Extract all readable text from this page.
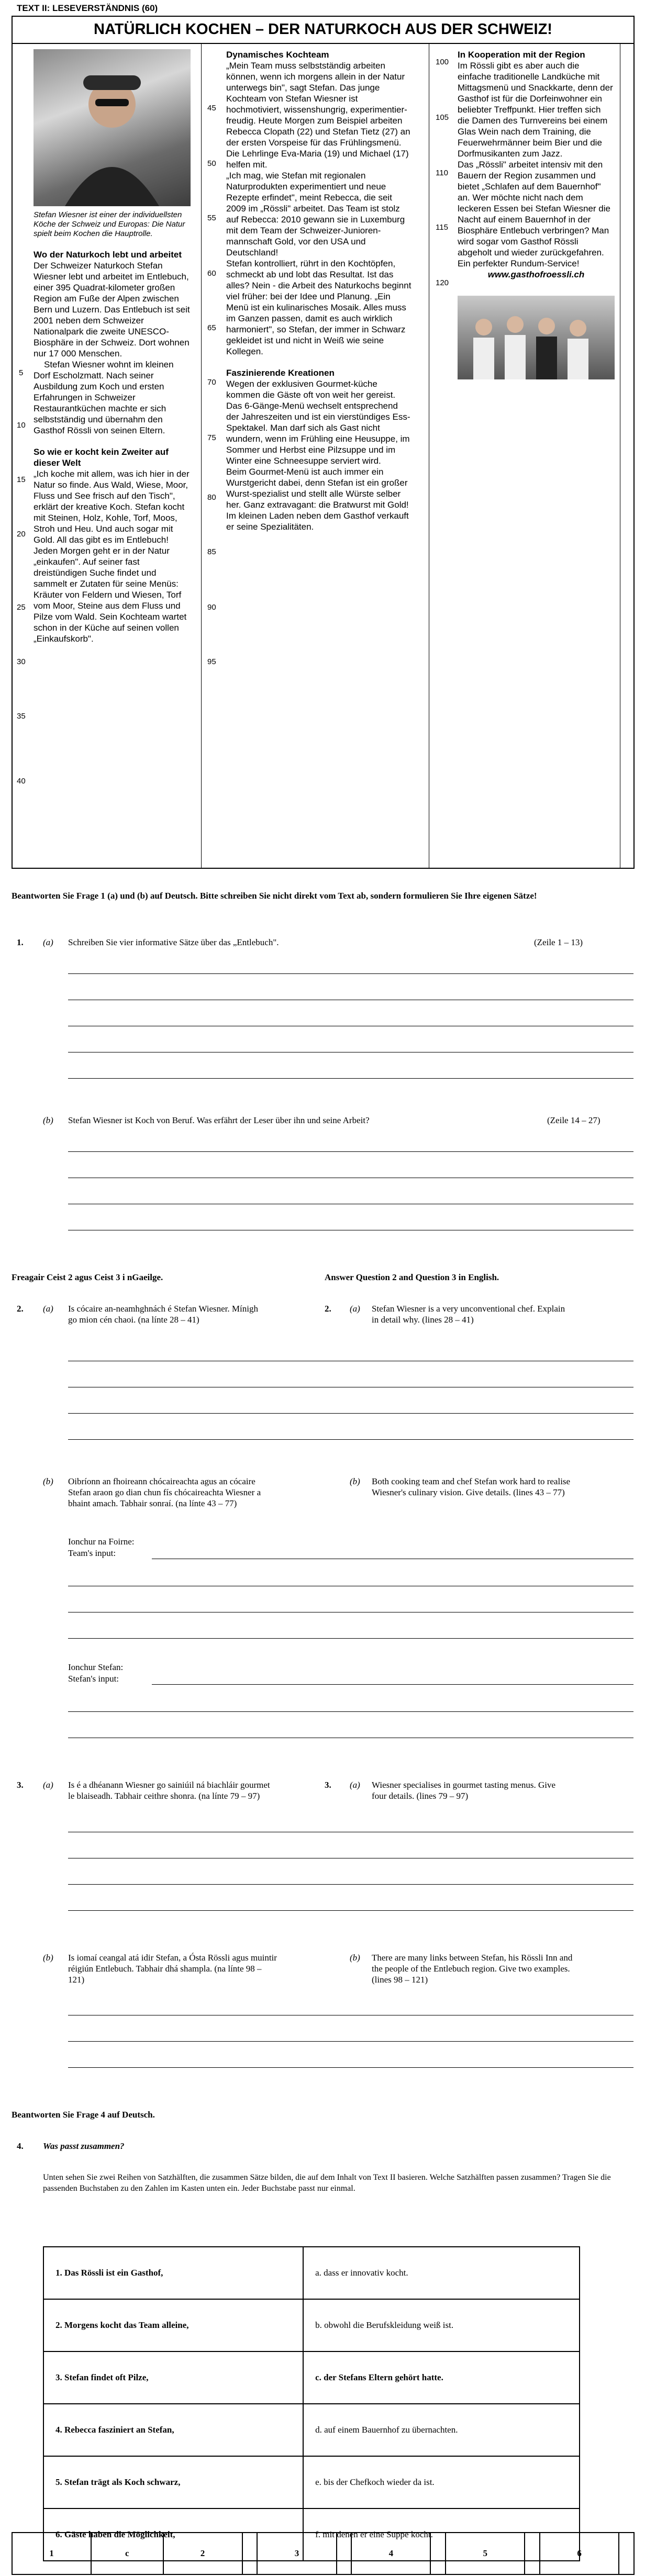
TEXT II: LESEVERSTÄNDNIS (60)
NATÜRLICH KOCHEN – DER NATURKOCH AUS DER SCHWEIZ!

Stefan Wiesner ist einer der individuellsten Köche der Schweiz und Europas: Die Natur spielt beim Kochen die Hauptrolle.

Wo der Naturkoch lebt und arbeitet

Der Schweizer Naturkoch Stefan Wiesner lebt und arbeitet im Entlebuch, einer 395 Quadrat-kilometer großen Region am Fuße der Alpen zwischen Bern und Luzern. Das Entlebuch ist seit 2001 neben dem Schweizer Nationalpark die zweite UNESCO-Biosphäre in der Schweiz. Dort wohnen nur 17 000 Menschen.

Stefan Wiesner wohnt im kleinen Dorf Escholzmatt. Nach seiner Ausbildung zum Koch und ersten Erfahrungen in Schweizer Restaurantküchen machte er sich selbstständig und übernahm den Gasthof Rössli von seinen Eltern.

So wie er kocht kein Zweiter auf dieser Welt

„Ich koche mit allem, was ich hier in der Natur so finde. Aus Wald, Wiese, Moor, Fluss und See frisch auf den Tisch", erklärt der kreative Koch. Stefan kocht mit Steinen, Holz, Kohle, Torf, Moos, Stroh und Heu. Und auch sogar mit Gold. All das gibt es im Entlebuch! Jeden Morgen geht er in der Natur „einkaufen". Auf seiner fast dreistündigen Suche findet und sammelt er Zutaten für seine Menüs: Kräuter von Feldern und Wiesen, Torf vom Moor, Steine aus dem Fluss und Pilze vom Wald. Sein Kochteam wartet schon in der Küche auf seinen vollen „Einkaufskorb".

Dynamisches Kochteam

„Mein Team muss selbstständig arbeiten können, wenn ich morgens allein in der Natur unterwegs bin", sagt Stefan. Das junge Kochteam von Stefan Wiesner ist hochmotiviert, wissenshungrig, experimentier-freudig. Heute Morgen zum Beispiel arbeiten Rebecca Clopath (22) und Stefan Tietz (27) an der ersten Vorspeise für das Frühlingsmenü. Die Lehrlinge Eva-Maria (19) und Michael (17) helfen mit.

„Ich mag, wie Stefan mit regionalen Naturprodukten experimentiert und neue Rezepte erfindet", meint Rebecca, die seit 2009 im „Rössli" arbeitet. Das Team ist stolz auf Rebecca: 2010 gewann sie in Luxemburg mit dem Team der Schweizer-Junioren-mannschaft Gold, vor den USA und Deutschland!

Stefan kontrolliert, rührt in den Kochtöpfen, schmeckt ab und lobt das Resultat. Ist das alles? Nein - die Arbeit des Naturkochs beginnt viel früher: bei der Idee und Planung. „Ein Menü ist ein kulinarisches Mosaik. Alles muss im Ganzen passen, damit es auch wirklich harmoniert", so Stefan, der immer in Schwarz gekleidet ist und nicht in Weiß wie seine Kollegen.

Faszinierende Kreationen

Wegen der exklusiven Gourmet-küche kommen die Gäste oft von weit her gereist. Das 6-Gänge-Menü wechselt entsprechend der Jahreszeiten und ist ein vierstündiges Ess-Spektakel. Man darf sich als Gast nicht wundern, wenn im Frühling eine Heusuppe, im Sommer und Herbst eine Pilzsuppe und im Winter eine Schneesuppe serviert wird.

Beim Gourmet-Menü ist auch immer ein Wurstgericht dabei, denn Stefan ist ein großer Wurst-spezialist und stellt alle Würste selber her. Ganz extravagant: die Bratwurst mit Gold! Im kleinen Laden neben dem Gasthof verkauft er seine Spezialitäten.

In Kooperation mit der Region

Im Rössli gibt es aber auch die einfache traditionelle Landküche mit Mittagsmenü und Snackkarte, denn der Gasthof ist für die Dorfeinwohner ein beliebter Treffpunkt. Hier treffen sich die Damen des Turnvereins bei einem Glas Wein nach dem Training, die Feuerwehrmänner beim Bier und die Dorfmusikanten zum Jazz.

Das „Rössli" arbeitet intensiv mit den Bauern der Region zusammen und bietet „Schlafen auf dem Bauernhof" an. Wer möchte nicht nach dem leckeren Essen bei Stefan Wiesner die Nacht auf einem Bauernhof in der Biosphäre Entlebuch verbringen? Man wird sogar vom Gasthof Rössli abgeholt und wieder zurückgefahren. Ein perfekter Rundum-Service!

www.gasthofroessli.ch

5
10
15
20
25
30
35
40
45
50
55
60
65
70
75
80
85
90
95
100
105
110
115
120
Beantworten Sie Frage 1 (a) und (b) auf Deutsch. Bitte schreiben Sie nicht direkt vom Text ab, sondern formulieren Sie Ihre eigenen Sätze!
1. (a) Schreiben Sie vier informative Sätze über das „Entlebuch".	(Zeile 1 – 13)
(b) Stefan Wiesner ist Koch von Beruf. Was erfährt der Leser über ihn und seine Arbeit?	(Zeile 14 – 27)
Freagair Ceist 2 agus Ceist 3 i nGaeilge.	Answer Question 2 and Question 3 in English.
2. (a) Is cócaire an-neamhghnách é Stefan Wiesner. Mínigh go mion cén chaoi. (na línte 28 – 41)
2. (a) Stefan Wiesner is a very unconventional chef. Explain in detail why. (lines 28 – 41)
(b) Oibríonn an fhoireann chócaireachta agus an cócaire Stefan araon go dian chun fís chócaireachta Wiesner a bhaint amach. Tabhair sonraí. (na línte 43 – 77)
(b) Both cooking team and chef Stefan work hard to realise Wiesner's culinary vision. Give details. (lines 43 – 77)
Ionchur na Foirne:
Team's input:
Ionchur Stefan:
Stefan's input:
3. (a) Is é a dhéanann Wiesner go sainiúil ná biachláir gourmet le blaiseadh. Tabhair ceithre shonra. (na línte 79 – 97)
3. (a) Wiesner specialises in gourmet tasting menus. Give four details. (lines 79 – 97)
(b) Is iomaí ceangal atá idir Stefan, a Ósta Rössli agus muintir réigiún Entlebuch. Tabhair dhá shampla. (na línte 98 – 121)
(b) There are many links between Stefan, his Rössli Inn and the people of the Entlebuch region. Give two examples. (lines 98 – 121)
Beantworten Sie Frage 4 auf Deutsch.
4. Was passt zusammen?
Unten sehen Sie zwei Reihen von Satzhälften, die zusammen Sätze bilden, die auf dem Inhalt von Text II basieren. Welche Satzhälften passen zusammen? Tragen Sie die passenden Buchstaben zu den Zahlen im Kasten unten ein. Jeder Buchstabe passt nur einmal.
1. Das Rössli ist ein Gasthof,	a. dass er innovativ kocht.
2. Morgens kocht das Team alleine,	b. obwohl die Berufskleidung weiß ist.
3. Stefan findet oft Pilze,	c. der Stefans Eltern gehört hatte.
4. Rebecca fasziniert an Stefan,	d. auf einem Bauernhof zu übernachten.
5. Stefan trägt als Koch schwarz,	e. bis der Chefkoch wieder da ist.
6. Gäste haben die Möglichkeit,	f. mit denen er eine Suppe kocht.
1	c	2		3		4		5		6	
